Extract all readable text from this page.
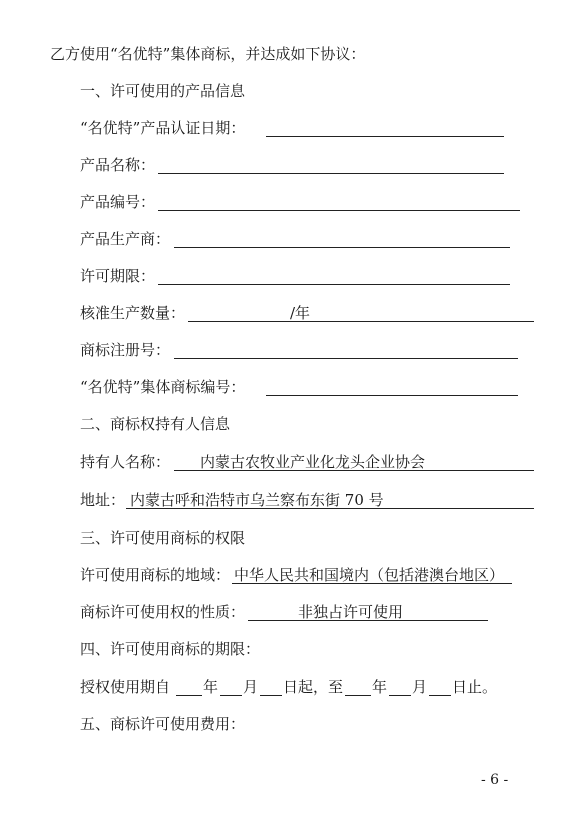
乙方使用“名优特”集体商标，并达成如下协议：
一、许可使用的产品信息
“名优特”产品认证日期：
产品名称：
产品编号：
产品生产商：
许可期限：
核准生产数量：	/年
商标注册号：
“名优特”集体商标编号：
二、商标权持有人信息
持有人名称： 内蒙古农牧业产业化龙头企业协会
地址： 内蒙古呼和浩特市乌兰察布东街 70 号
三、许可使用商标的权限
许可使用商标的地域： 中华人民共和国境内（包括港澳台地区）
商标许可使用权的性质：	非独占许可使用
四、许可使用商标的期限：
授权使用期自 年 月 日起，至 年 月 日止。
五、商标许可使用费用：
- 6 -
